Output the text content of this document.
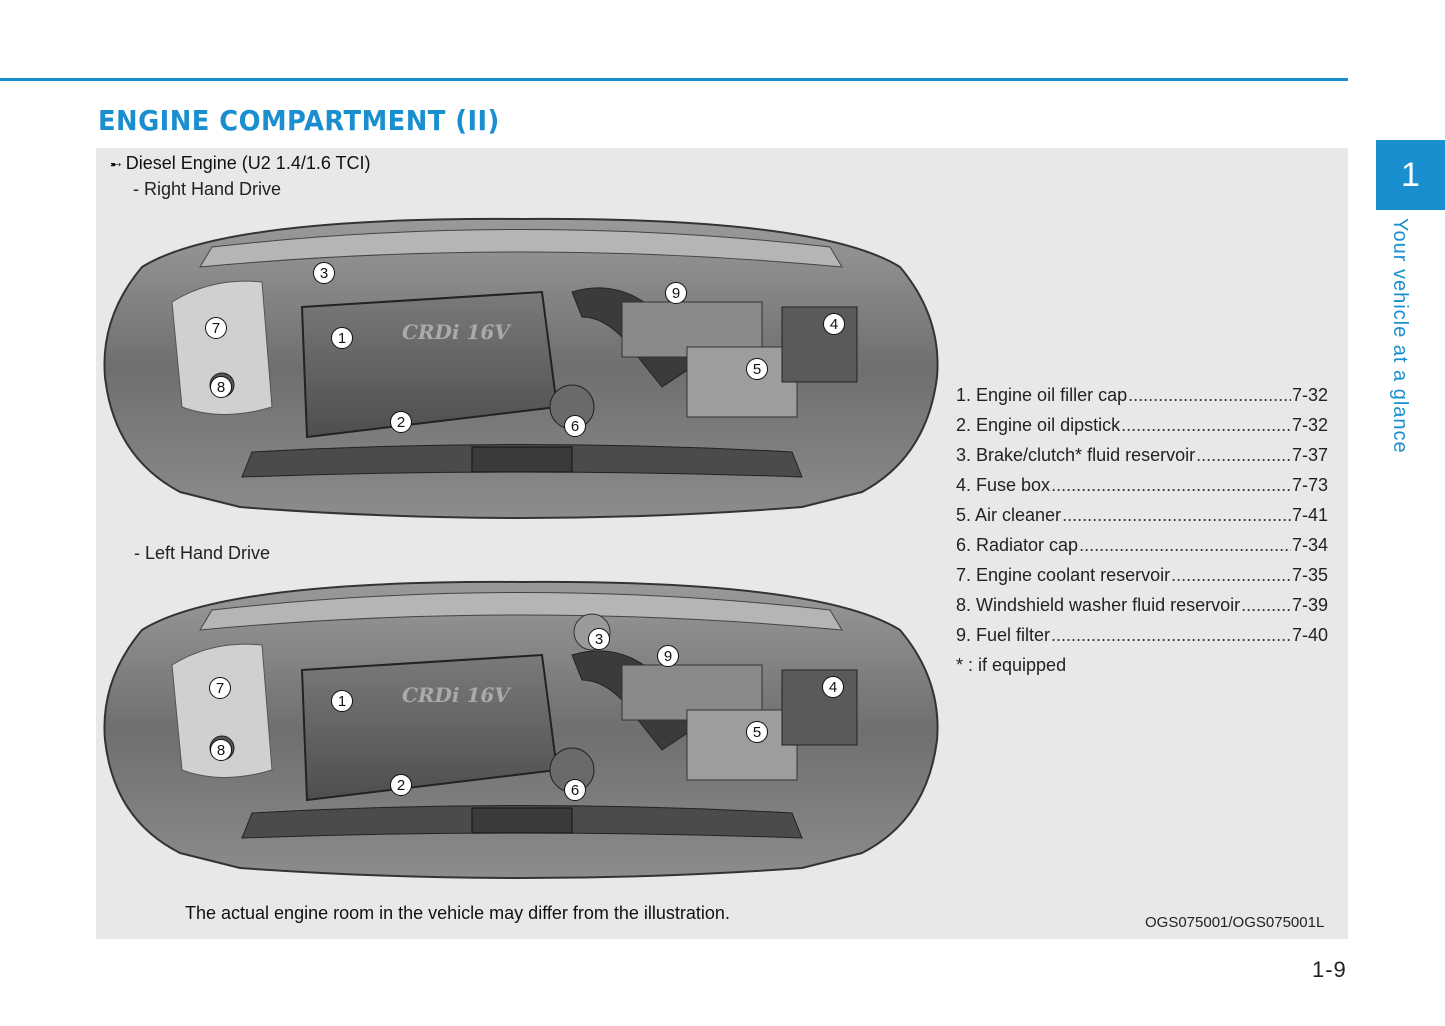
ENGINE COMPARTMENT (II)
1
Your vehicle at a glance
➸ Diesel Engine (U2 1.4/1.6 TCI)
- Right Hand Drive
- Left Hand Drive
CRDi 16V
3
9
7
1
4
5
8
2	6
CRDi 16V
3
9
7	4
1
5
8
2	6
1. Engine oil filler cap .....	7-32
2. Engine oil dipstick .....	7-32
3. Brake/clutch* fluid reservoir .....	7-37
4. Fuse box .....	7-73
5. Air cleaner .....	7-41
6. Radiator cap .....	7-34
7. Engine coolant reservoir .....	7-35
8. Windshield washer fluid reservoir .....	7-39
9. Fuel filter .....	7-40
* : if equipped
The actual engine room in the vehicle may differ from the illustration.	OGS075001/OGS075001L
1-9
